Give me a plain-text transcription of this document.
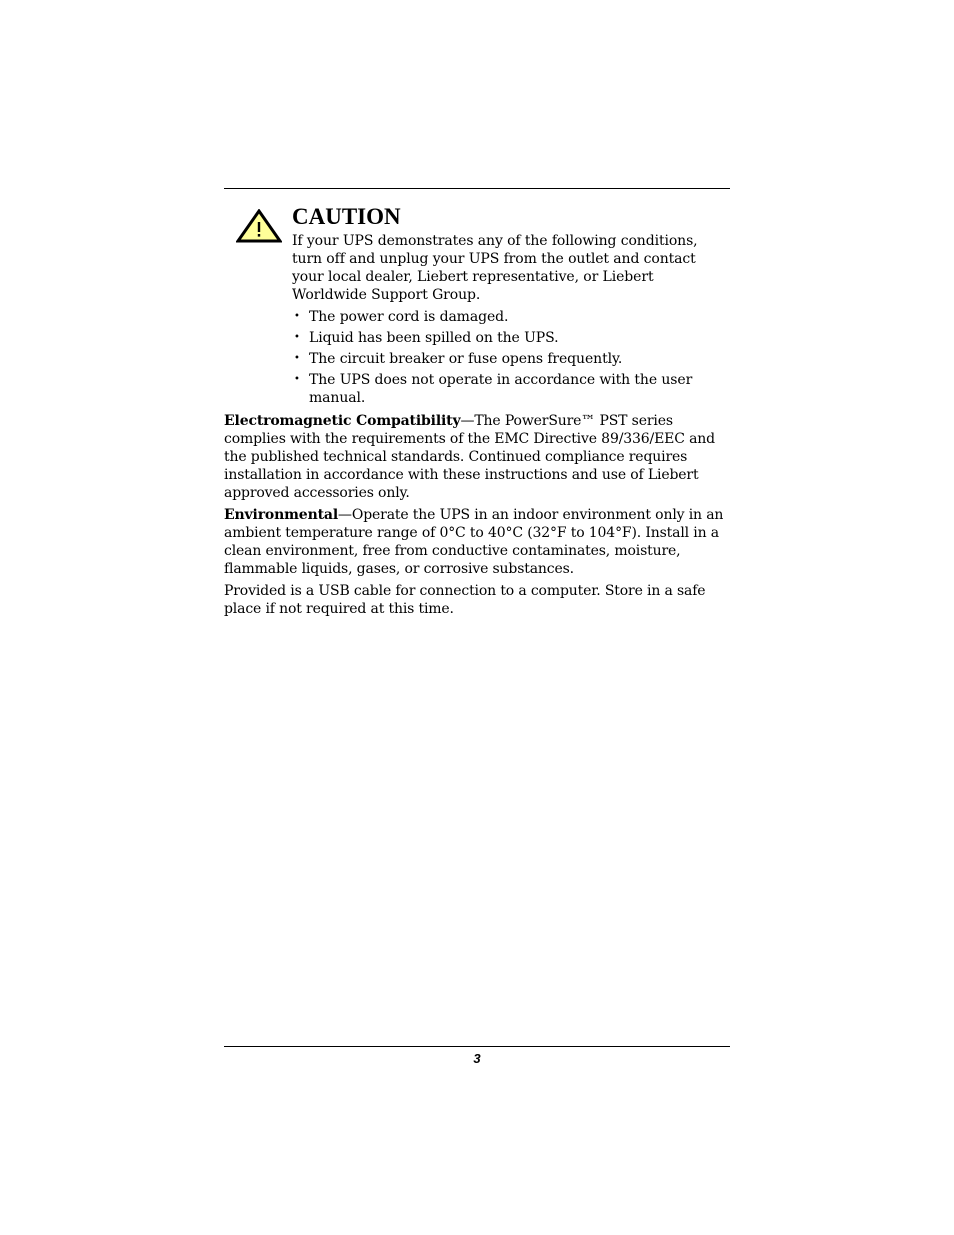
CAUTION

If your UPS demonstrates any of the following conditions, turn off and unplug your UPS from the outlet and contact your local dealer, Liebert representative, or Liebert Worldwide Support Group.

• The power cord is damaged.
• Liquid has been spilled on the UPS.
• The circuit breaker or fuse opens frequently.
• The UPS does not operate in accordance with the user manual.

Electromagnetic Compatibility—The PowerSure™ PST series complies with the requirements of the EMC Directive 89/336/EEC and the published technical standards. Continued compliance requires installation in accordance with these instructions and use of Liebert approved accessories only.

Environmental—Operate the UPS in an indoor environment only in an ambient temperature range of 0°C to 40°C (32°F to 104°F). Install in a clean environment, free from conductive contaminates, moisture, flammable liquids, gases, or corrosive substances.

Provided is a USB cable for connection to a computer. Store in a safe place if not required at this time.

3
